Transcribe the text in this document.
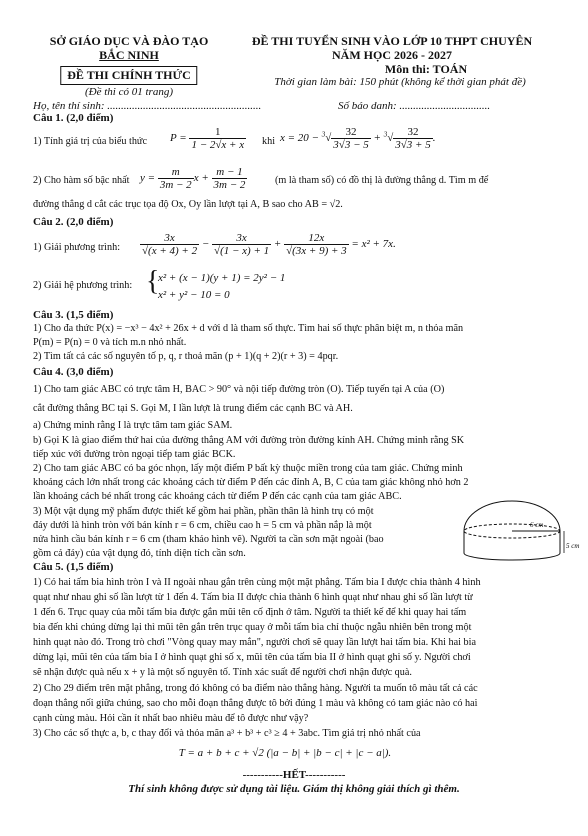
SỞ GIÁO DỤC VÀ ĐÀO TẠO
BẮC NINH
ĐỀ THI CHÍNH THỨC
(Đề thi có 01 trang)
ĐỀ THI TUYỂN SINH VÀO LỚP 10 THPT CHUYÊN
NĂM HỌC 2026 - 2027
Môn thi: TOÁN
Thời gian làm bài: 150 phút (không kể thời gian phát đề)
Họ, tên thí sinh: ........................................................	Số báo danh: .................................
Câu 1. (2,0 điểm)
1) Tính giá trị của biểu thức $P = \frac{1}{1 - 2√x + x}$ khi $x = 20 - ^3√ \frac{32}{3√3 - 5} + ^3√ \frac{32}{3√3 + 5}$ .
2) Cho hàm số bậc nhất $y = \frac{m}{3m - 2}$ $x + \frac{m - 1}{3m - 2}$	(m là tham số) có đồ thị là đường thẳng d. Tìm m để
đường thẳng d cắt các trục tọa độ Ox, Oy lần lượt tại A, B sao cho AB = √2.
Câu 2. (2,0 điểm)
1) Giải phương trình: $\frac{3x}{√(x + 4) + 2} - \frac{3x}{√(1 - x) + 1} + \frac{12x}{√(3x + 9) + 3} = x^2 + 7x$.
2) Giải hệ phương trình: {
x² + (x − 1)(y + 1) = 2y² − 1
x² + y² − 10 = 0
Câu 3. (1,5 điểm)
1) Cho đa thức P(x) = −x³ − 4x² + 26x + d với d là tham số thực. Tìm hai số thực phân biệt m, n thỏa mãn
P(m) = P(n) = 0 và tích m.n nhỏ nhất.
2) Tìm tất cả các số nguyên tố p, q, r thoả mãn (p + 1)(q + 2)(r + 3) = 4pqr.
Câu 4. (3,0 điểm)
1) Cho tam giác ABC có trực tâm H, BAC > 90° và nội tiếp đường tròn (O). Tiếp tuyến tại A của (O)
cắt đường thẳng BC tại S. Gọi M, I lần lượt là trung điểm các cạnh BC và AH.
a) Chứng minh rằng I là trực tâm tam giác SAM.
b) Gọi K là giao điểm thứ hai của đường thẳng AM với đường tròn đường kính AH. Chứng minh rằng SK
tiếp xúc với đường tròn ngoại tiếp tam giác BCK.
2) Cho tam giác ABC có ba góc nhọn, lấy một điểm P bất kỳ thuộc miền trong của tam giác. Chứng minh
khoảng cách lớn nhất trong các khoảng cách từ điểm P đến các đỉnh A, B, C của tam giác không nhỏ hơn 2
lần khoảng cách bé nhất trong các khoảng cách từ điểm P đến các cạnh của tam giác ABC.
3) Một vật dụng mỹ phẩm được thiết kế gồm hai phần, phần thân là hình trụ có một
đáy dưới là hình tròn với bán kính r = 6 cm, chiều cao h = 5 cm và phần nắp là một
nửa hình cầu bán kính r = 6 cm (tham khảo hình vẽ). Người ta cần sơn mặt ngoài (bao
gồm cả đáy) của vật dụng đó, tính diện tích cần sơn.
6 cm
5 cm
Câu 5. (1,5 điểm)
1) Có hai tấm bia hình tròn I và II ngoài nhau gắn trên cùng một mặt phẳng. Tấm bia I được chia thành 4 hình
quạt như nhau ghi số lần lượt từ 1 đến 4. Tấm bia II được chia thành 6 hình quạt như nhau ghi số lần lượt từ
1 đến 6. Trục quay của mỗi tấm bia được gắn mũi tên cố định ở tâm. Người ta thiết kế để khi quay hai tấm
bia đến khi chúng dừng lại thì mũi tên gắn trên trục quay ở mỗi tấm bia chỉ thuộc ngẫu nhiên bên trong một
hình quạt nào đó. Trong trò chơi "Vòng quay may mắn", người chơi sẽ quay lần lượt hai tấm bia. Khi hai bia
dừng lại, mũi tên của tấm bia I ở hình quạt ghi số x, mũi tên của tấm bia II ở hình quạt ghi số y. Người chơi
sẽ nhận được quà nếu x + y là một số nguyên tố. Tính xác suất để người chơi nhận được quà.
2) Cho 29 điểm trên mặt phẳng, trong đó không có ba điểm nào thẳng hàng. Người ta muốn tô màu tất cả các
đoạn thẳng nối giữa chúng, sao cho mỗi đoạn thẳng được tô bởi đúng 1 màu và không có tam giác nào có hai
cạnh cùng màu. Hỏi cần ít nhất bao nhiêu màu để tô được như vậy?
3) Cho các số thực a, b, c thay đổi và thỏa mãn a³ + b³ + c³ ≥ 4 + 3abc. Tìm giá trị nhỏ nhất của
T = a + b + c + √2 (|a − b| + |b − c| + |c − a|).
-----------HẾT-----------
Thí sinh không được sử dụng tài liệu. Giám thị không giải thích gì thêm.
